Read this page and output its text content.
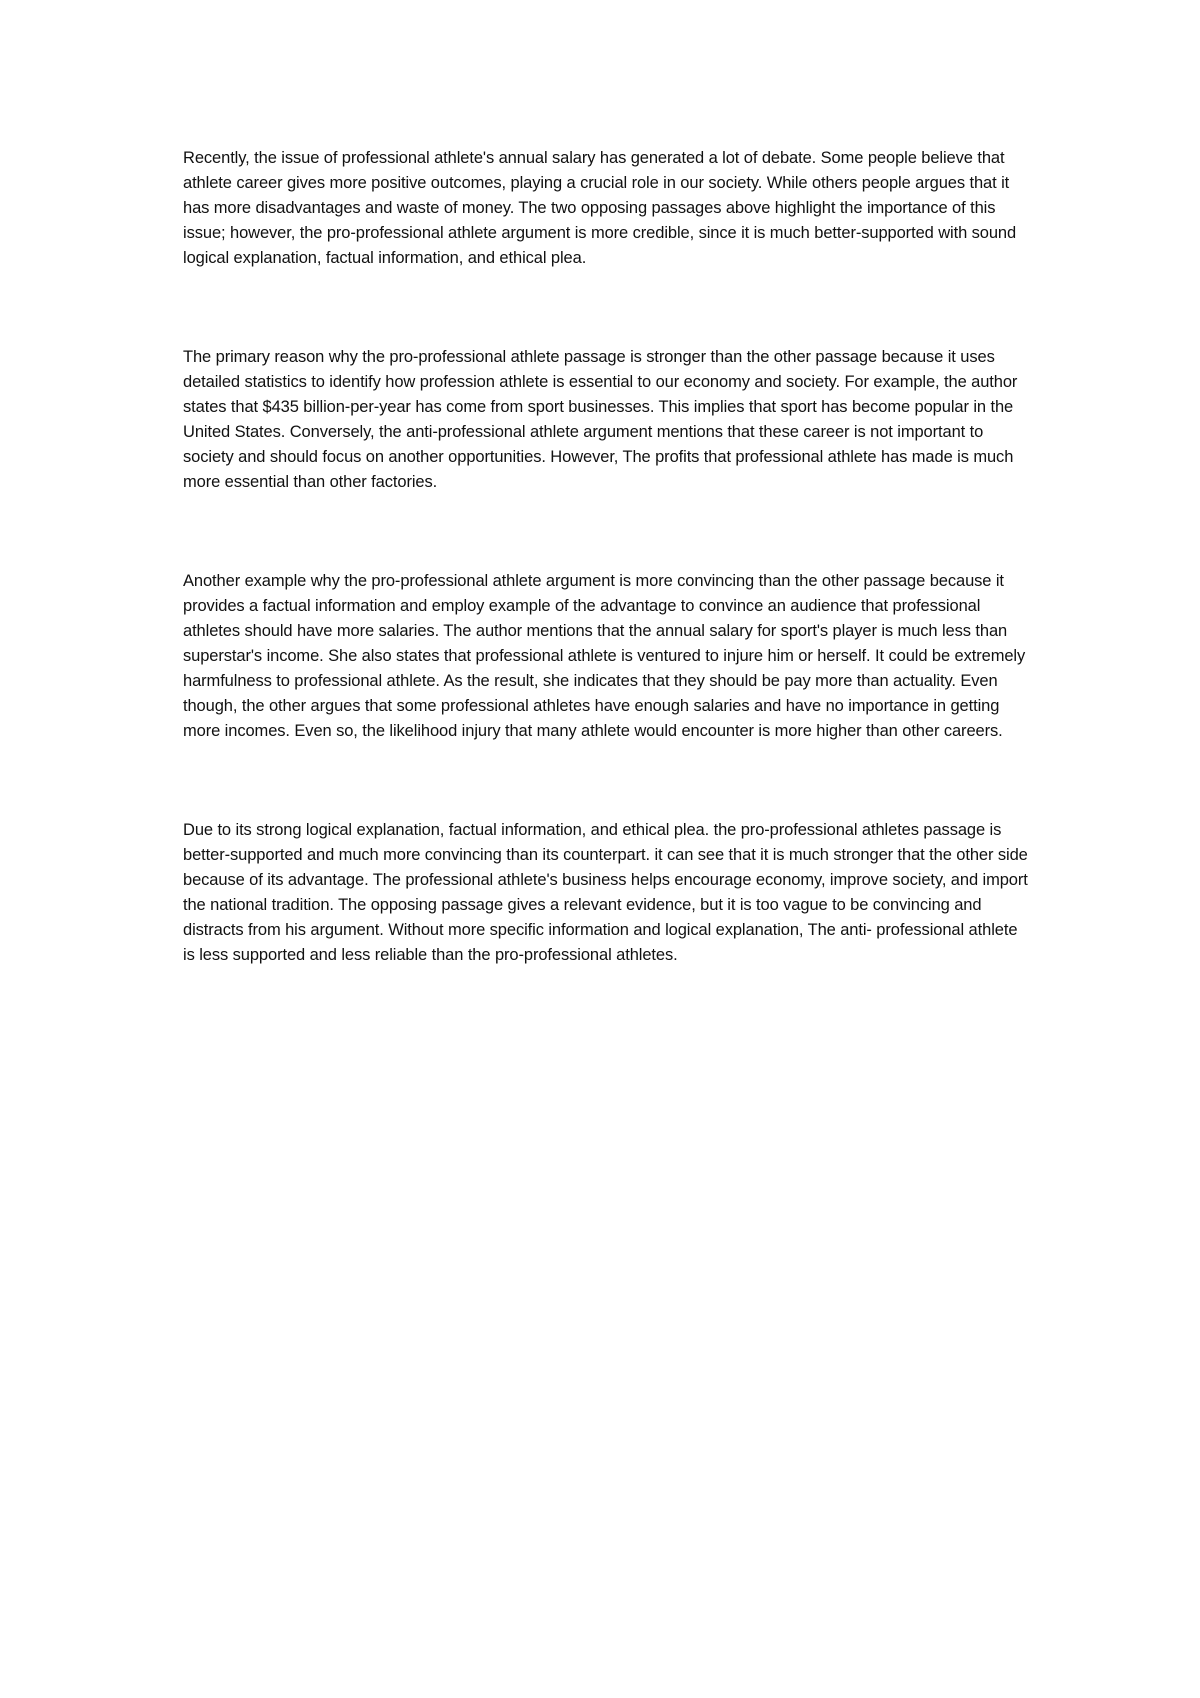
Recently, the issue of professional athlete's annual salary has generated a lot of debate. Some people believe that athlete career gives more positive outcomes, playing a crucial role in our society. While others people argues that it has more disadvantages and waste of money. The two opposing passages above highlight the importance of this issue; however, the pro-professional athlete argument is more credible, since it is much better-supported with sound logical explanation, factual information, and ethical plea.

The primary reason why the pro-professional athlete passage is stronger than the other passage because it uses detailed statistics to identify how profession athlete is essential to our economy and society. For example, the author states that $435 billion-per-year has come from sport businesses. This implies that sport has become popular in the United States. Conversely, the anti-professional athlete argument mentions that these career is not important to society and should focus on another opportunities. However, The profits that professional athlete has made is much more essential than other factories.

Another example why the pro-professional athlete argument is more convincing than the other passage because it provides a factual information and employ example of the advantage to convince an audience that professional athletes should have more salaries. The author mentions that the annual salary for sport's player is much less than superstar's income. She also states that professional athlete is ventured to injure him or herself. It could be extremely harmfulness to professional athlete. As the result, she indicates that they should be pay more than actuality. Even though, the other argues that some professional athletes have enough salaries and have no importance in getting more incomes. Even so, the likelihood injury that many athlete would encounter is more higher than other careers.

Due to its strong logical explanation, factual information, and ethical plea. the pro-professional athletes passage is better-supported and much more convincing than its counterpart. it can see that it is much stronger that the other side because of its advantage. The professional athlete's business helps encourage economy, improve society, and import the national tradition. The opposing passage gives a relevant evidence, but it is too vague to be convincing and distracts from his argument. Without more specific information and logical explanation, The anti- professional athlete is less supported and less reliable than the pro-professional athletes.
